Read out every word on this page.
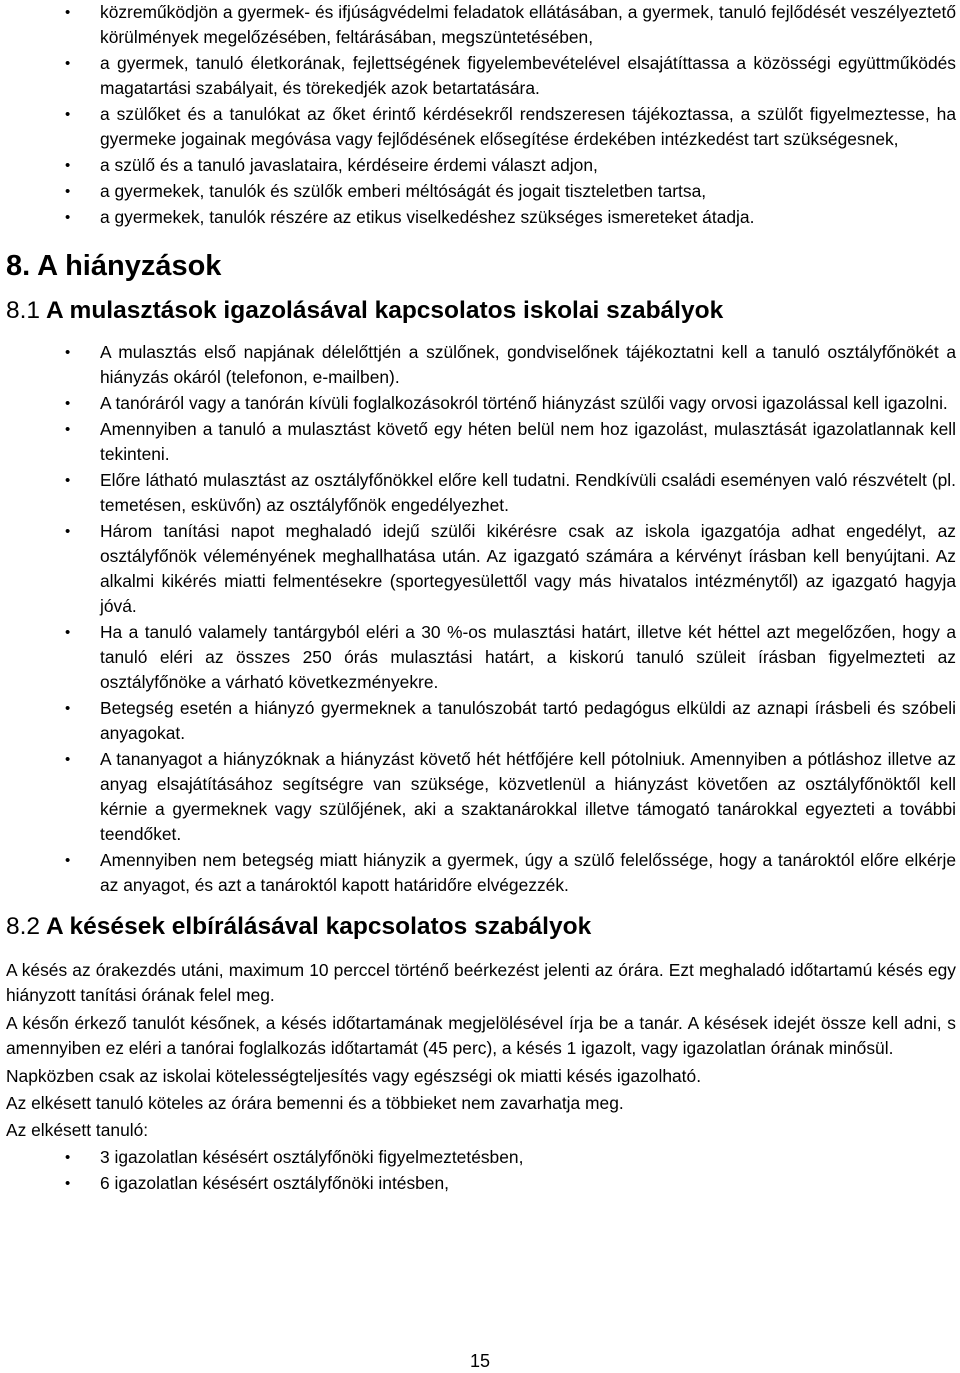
• közreműködjön a gyermek- és ifjúságvédelmi feladatok ellátásában, a gyermek, tanuló fejlődését veszélyeztető körülmények megelőzésében, feltárásában, megszüntetésében,
• a gyermek, tanuló életkorának, fejlettségének figyelembevételével elsajátíttassa a közösségi együttműködés magatartási szabályait, és törekedjék azok betartatására.
• a szülőket és a tanulókat az őket érintő kérdésekről rendszeresen tájékoztassa, a szülőt figyelmeztesse, ha gyermeke jogainak megóvása vagy fejlődésének elősegítése érdekében intézkedést tart szükségesnek,
• a szülő és a tanuló javaslataira, kérdéseire érdemi választ adjon,
• a gyermekek, tanulók és szülők emberi méltóságát és jogait tiszteletben tartsa,
• a gyermekek, tanulók részére az etikus viselkedéshez szükséges ismereteket átadja.
8. A hiányzások
8.1 A mulasztások igazolásával kapcsolatos iskolai szabályok
• A mulasztás első napjának délelőttjén a szülőnek, gondviselőnek tájékoztatni kell a tanuló osztályfőnökét a hiányzás okáról (telefonon, e-mailben).
• A tanóráról vagy a tanórán kívüli foglalkozásokról történő hiányzást szülői vagy orvosi igazolással kell igazolni.
• Amennyiben a tanuló a mulasztást követő egy héten belül nem hoz igazolást, mulasztását igazolatlannak kell tekinteni.
• Előre látható mulasztást az osztályfőnökkel előre kell tudatni. Rendkívüli családi eseményen való részvételt (pl. temetésen, esküvőn) az osztályfőnök engedélyezhet.
• Három tanítási napot meghaladó idejű szülői kikérésre csak az iskola igazgatója adhat engedélyt, az osztályfőnök véleményének meghallhatása után. Az igazgató számára a kérvényt írásban kell benyújtani. Az alkalmi kikérés miatti felmentésekre (sportegyesülettől vagy más hivatalos intézménytől) az igazgató hagyja jóvá.
• Ha a tanuló valamely tantárgyból eléri a 30 %-os mulasztási határt, illetve két héttel azt megelőzően, hogy a tanuló eléri az összes 250 órás mulasztási határt, a kiskorú tanuló szüleit írásban figyelmezteti az osztályfőnöke a várható következményekre.
• Betegség esetén a hiányzó gyermeknek a tanulószobát tartó pedagógus elküldi az aznapi írásbeli és szóbeli anyagokat.
• A tananyagot a hiányzóknak a hiányzást követő hét hétfőjére kell pótolniuk. Amennyiben a pótláshoz illetve az anyag elsajátításához segítségre van szüksége, közvetlenül a hiányzást követően az osztályfőnöktől kell kérnie a gyermeknek vagy szülőjének, aki a szaktanárokkal illetve támogató tanárokkal egyezteti a további teendőket.
• Amennyiben nem betegség miatt hiányzik a gyermek, úgy a szülő felelőssége, hogy a tanároktól előre elkérje az anyagot, és azt a tanároktól kapott határidőre elvégezzék.
8.2 A késések elbírálásával kapcsolatos szabályok

A késés az órakezdés utáni, maximum 10 perccel történő beérkezést jelenti az órára. Ezt meghaladó időtartamú késés egy hiányzott tanítási órának felel meg.

A későn érkező tanulót későnek, a késés időtartamának megjelölésével írja be a tanár. A késések idejét össze kell adni, s amennyiben ez eléri a tanórai foglalkozás időtartamát (45 perc), a késés 1 igazolt, vagy igazolatlan órának minősül.

Napközben csak az iskolai kötelességteljesítés vagy egészségi ok miatti késés igazolható.

Az elkésett tanuló köteles az órára bemenni és a többieket nem zavarhatja meg.

Az elkésett tanuló:

• 3 igazolatlan késésért osztályfőnöki figyelmeztetésben,
• 6 igazolatlan késésért osztályfőnöki intésben,
15
